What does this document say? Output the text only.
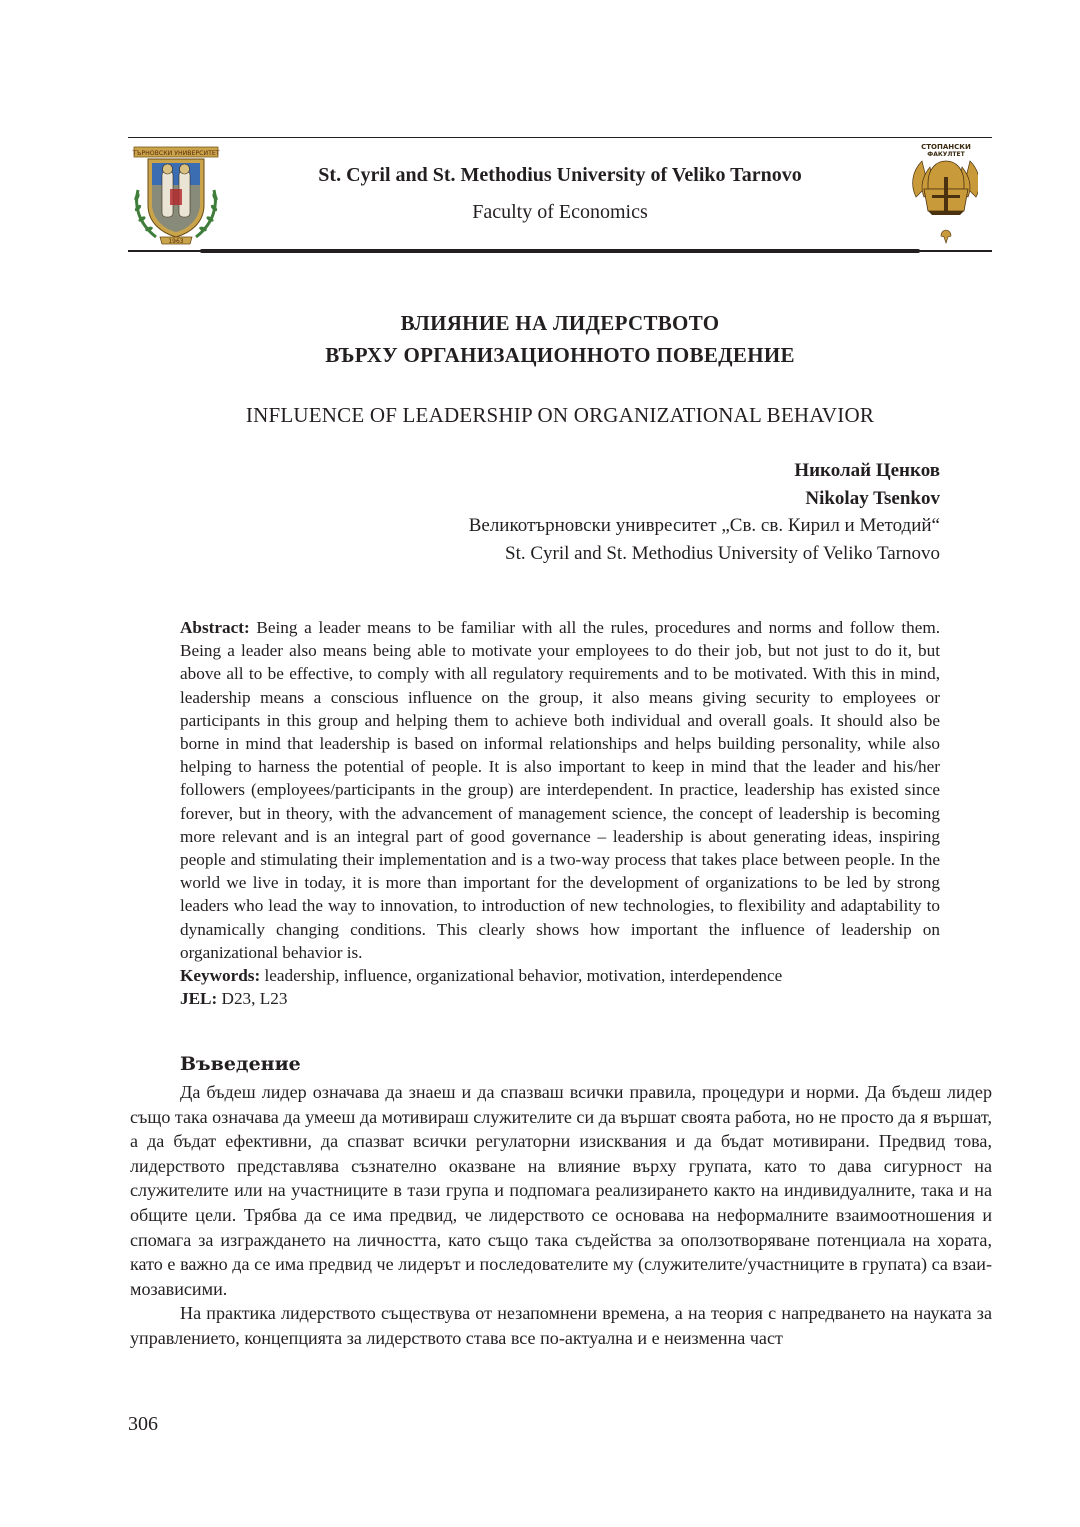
ТЪРНОВСКИ УНИВЕРСИТЕТ
1963
St. Cyril and St. Methodius University of Veliko Tarnovo
Faculty of Economics
СТОПАНСКИ
ФАКУЛТЕТ
ВЛИЯНИЕ НА ЛИДЕРСТВОТО
ВЪРХУ ОРГАНИЗАЦИОННОТО ПОВЕДЕНИЕ
INFLUENCE OF LEADERSHIP ON ORGANIZATIONAL BEHAVIOR
Николай Ценков
Nikolay Tsenkov
Великотърновски унивреситет „Св. св. Кирил и Методий“
St. Cyril and St. Methodius University of Veliko Tarnovo

Abstract: Being a leader means to be familiar with all the rules, procedures and norms and follow them. Being a leader also means being able to motivate your employees to do their job, but not just to do it, but above all to be effective, to comply with all regulatory requirements and to be motivated. With this in mind, leadership means a conscious influence on the group, it also means giving security to employees or participants in this group and helping them to achieve both individual and overall goals. It should also be borne in mind that leadership is based on informal relationships and helps building personality, while also helping to harness the potential of people. It is also important to keep in mind that the leader and his/her followers (employees/participants in the group) are interdependent. In practice, leadership has existed since forever, but in theory, with the advancement of management science, the concept of leadership is becoming more relevant and is an integral part of good governance – leadership is about generating ideas, inspiring people and stimulating their implementation and is a two-way process that takes place between people. In the world we live in today, it is more than important for the development of organizations to be led by strong leaders who lead the way to innovation, to introduction of new technologies, to flexibility and adaptability to dynamically changing conditions. This clearly shows how important the influence of leadership on organizational behavior is.

Keywords: leadership, influence, organizational behavior, motivation, interdependence

JEL: D23, L23

Въведение

Да бъдеш лидер означава да знаеш и да спазваш всички правила, процедури и норми. Да бъдеш лидер също така означава да умееш да мотивираш служителите си да вършат своята работа, но не просто да я вършат, а да бъдат ефективни, да спазват всички регулаторни изисквания и да бъдат мотивирани. Предвид това, лидерството представлява съзнателно оказване на влияние върху групата, като то дава сигурност на служителите или на участниците в тази група и подпомага реализирането както на индивидуалните, така и на общите цели. Трябва да се има предвид, че лидерството се основава на неформалните взаимоотношения и спомага за изграждането на личността, като също така съдейства за оползотворяване потенциала на хората, като е важно да се има предвид че лидерът и последователите му (служителите/участниците в групата) са взаимозависими.

На практика лидерството съществува от незапомнени времена, а на теория с напредването на науката за управлението, концепцията за лидерството става все по-актуална и е неизменна част

306
